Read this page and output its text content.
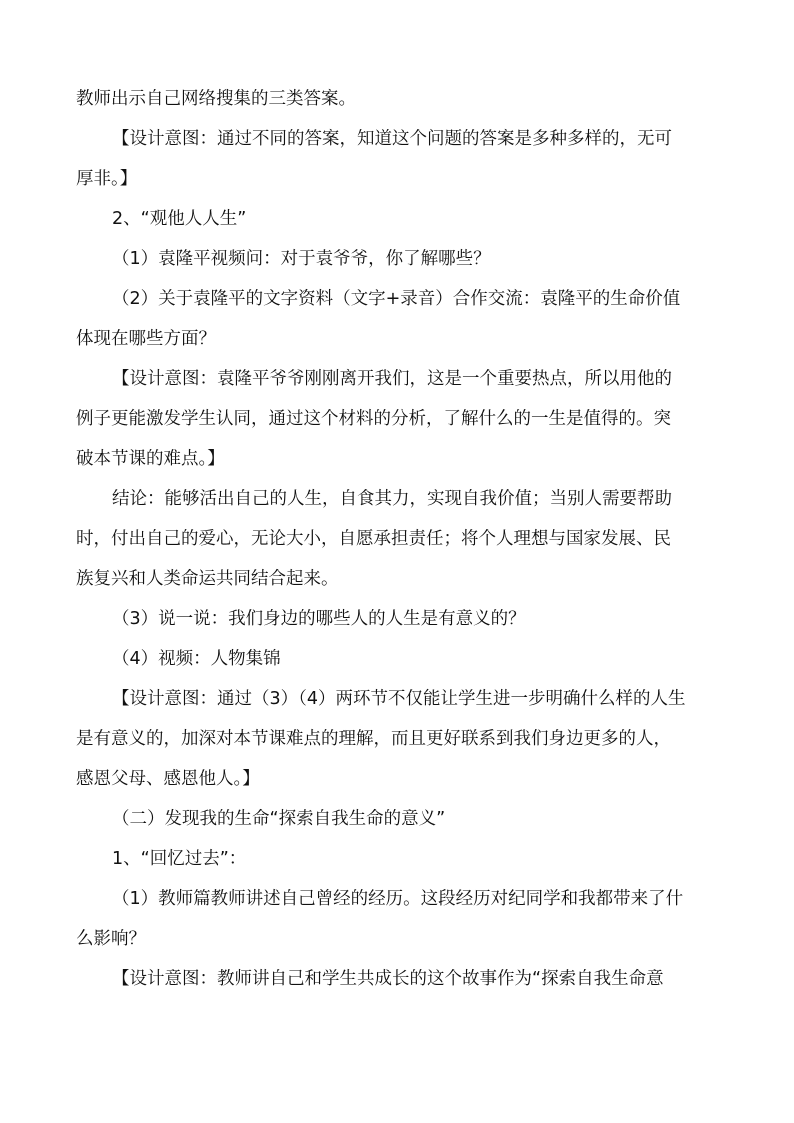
教师出示自己网络搜集的三类答案。

【设计意图：通过不同的答案，知道这个问题的答案是多种多样的，无可

厚非。】

2、“观他人人生”

（1）袁隆平视频问：对于袁爷爷，你了解哪些？

（2）关于袁隆平的文字资料（文字+录音）合作交流：袁隆平的生命价值

体现在哪些方面？

【设计意图：袁隆平爷爷刚刚离开我们，这是一个重要热点，所以用他的

例子更能激发学生认同，通过这个材料的分析，了解什么的一生是值得的。突

破本节课的难点。】

结论：能够活出自己的人生，自食其力，实现自我价值；当别人需要帮助

时，付出自己的爱心，无论大小，自愿承担责任；将个人理想与国家发展、民

族复兴和人类命运共同结合起来。

（3）说一说：我们身边的哪些人的人生是有意义的？

（4）视频：人物集锦

【设计意图：通过（3）（4）两环节不仅能让学生进一步明确什么样的人生

是有意义的，加深对本节课难点的理解，而且更好联系到我们身边更多的人，

感恩父母、感恩他人。】

（二）发现我的生命“探索自我生命的意义”

1、“回忆过去”：

（1）教师篇教师讲述自己曾经的经历。这段经历对纪同学和我都带来了什

么影响？

【设计意图：教师讲自己和学生共成长的这个故事作为“探索自我生命意
